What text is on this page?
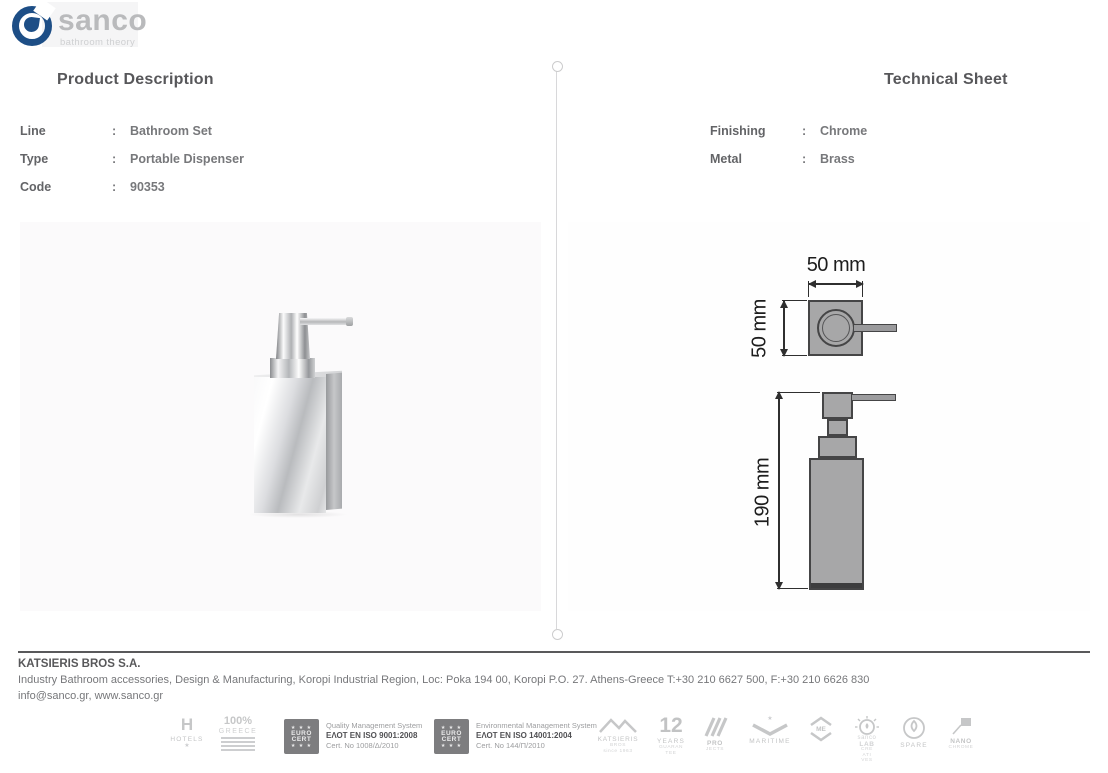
sanco
bathroom theory
Product Description	Technical Sheet
Line	:	Bathroom Set
Type	:	Portable Dispenser
Code	:	90353
Finishing	:	Chrome
Metal	:	Brass
50 mm
50 mm
190 mm
KATSIERIS BROS S.A.
Industry Bathroom accessories, Design & Manufacturing, Koropi Industrial Region, Loc: Poka 194 00, Koropi P.O. 27. Athens-Greece T:+30 210 6627 500, F:+30 210 6626 830
info@sanco.gr, www.sanco.gr
H
HOTELS
★
100%
GREECE
★ ★ ★
EURO
CERT
★ ★ ★
Quality Management System
ΕΛΟΤ EN ISO 9001:2008
Cert. No 1008/Δ/2010
★ ★ ★
EURO
CERT
★ ★ ★
Environmental Management System
ΕΛΟΤ EN ISO 14001:2004
Cert. No 144/Π/2010
KATSIERIS
BROS
since 1963
12
YEARS
GUARAN
TEE
PRO
JECTS
★
MARITIME
ME
sanco
LAB
CRE
ATI
VES
SPARE
NANO
CHROME
